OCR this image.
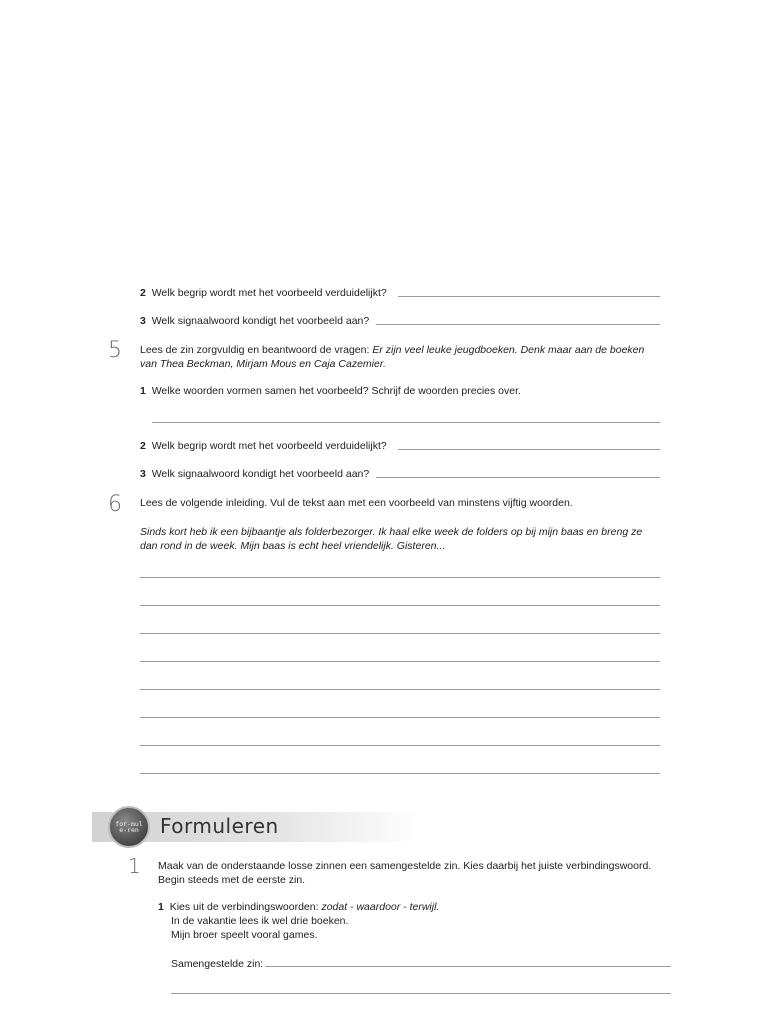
2 Welk begrip wordt met het voorbeeld verduidelijkt?
3 Welk signaalwoord kondigt het voorbeeld aan?
5 Lees de zin zorgvuldig en beantwoord de vragen: Er zijn veel leuke jeugdboeken. Denk maar aan de boeken van Thea Beckman, Mirjam Mous en Caja Cazemier.
1 Welke woorden vormen samen het voorbeeld? Schrijf de woorden precies over.
2 Welk begrip wordt met het voorbeeld verduidelijkt?
3 Welk signaalwoord kondigt het voorbeeld aan?
6 Lees de volgende inleiding. Vul de tekst aan met een voorbeeld van minstens vijftig woorden.
Sinds kort heb ik een bijbaantje als folderbezorger. Ik haal elke week de folders op bij mijn baas en breng ze dan rond in de week. Mijn baas is echt heel vriendelijk. Gisteren...
for-mule-ren Formuleren
1 Maak van de onderstaande losse zinnen een samengestelde zin. Kies daarbij het juiste verbindingswoord. Begin steeds met de eerste zin.
1 Kies uit de verbindingswoorden: zodat - waardoor - terwijl.
In de vakantie lees ik wel drie boeken.
Mijn broer speelt vooral games.
Samengestelde zin:
